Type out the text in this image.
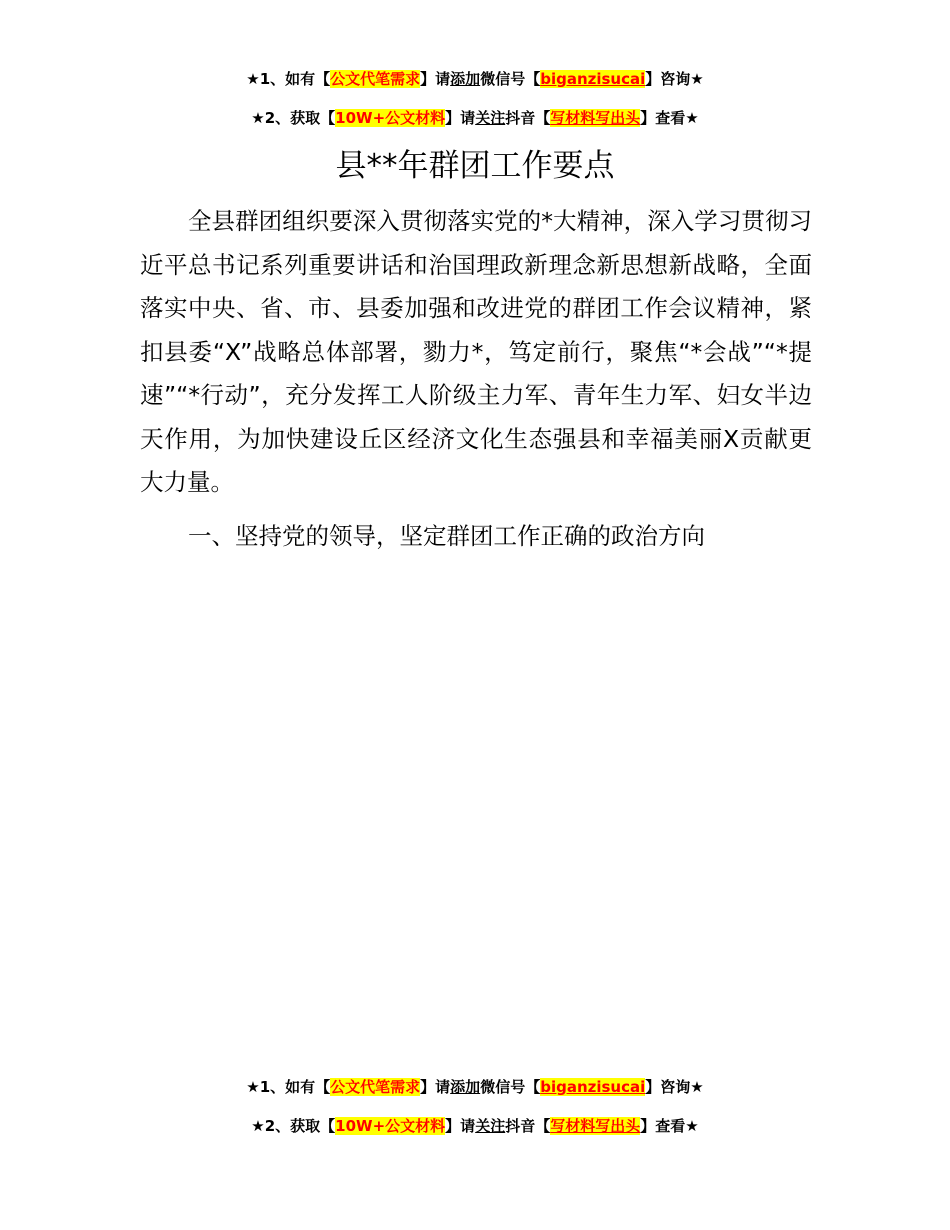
★1、如有【公文代笔需求】请添加微信号【biganzisucai】咨询★
★2、获取【10W+公文材料】请关注抖音【写材料写出头】查看★
县**年群团工作要点

全县群团组织要深入贯彻落实党的*大精神，深入学习贯彻习近平总书记系列重要讲话和治国理政新理念新思想新战略，全面落实中央、省、市、县委加强和改进党的群团工作会议精神，紧扣县委“X”战略总体部署，勠力*，笃定前行，聚焦“*会战”“*提速”“*行动”，充分发挥工人阶级主力军、青年生力军、妇女半边天作用，为加快建设丘区经济文化生态强县和幸福美丽X贡献更大力量。

一、坚持党的领导，坚定群团工作正确的政治方向

★1、如有【公文代笔需求】请添加微信号【biganzisucai】咨询★
★2、获取【10W+公文材料】请关注抖音【写材料写出头】查看★
